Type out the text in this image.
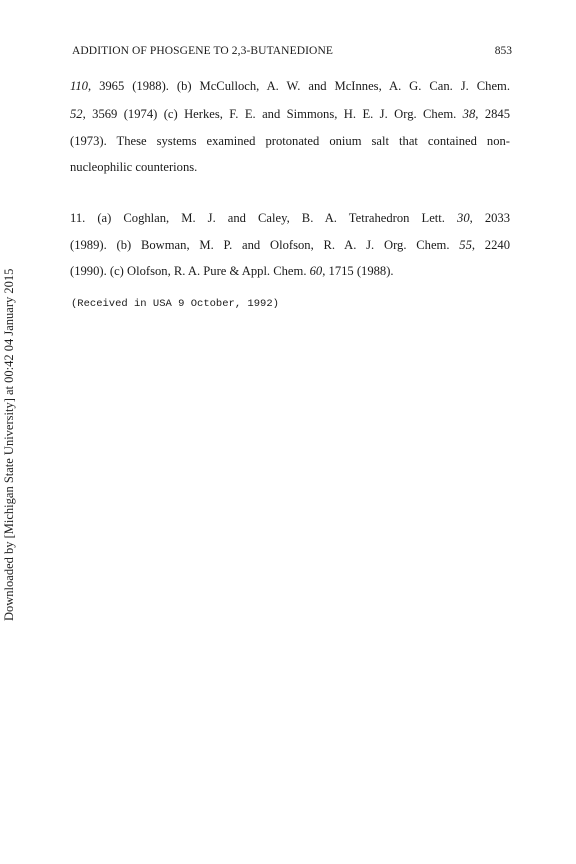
ADDITION OF PHOSGENE TO 2,3-BUTANEDIONE	853
110, 3965 (1988). (b) McCulloch, A. W. and McInnes, A. G. Can. J. Chem.
52, 3569 (1974) (c) Herkes, F. E. and Simmons, H. E. J. Org. Chem. 38, 2845
(1973). These systems examined protonated onium salt that contained non-
nucleophilic counterions.
11. (a) Coghlan, M. J. and Caley, B. A. Tetrahedron Lett. 30, 2033
(1989). (b) Bowman, M. P. and Olofson, R. A. J. Org. Chem. 55, 2240
(1990). (c) Olofson, R. A. Pure & Appl. Chem. 60, 1715 (1988).
(Received in USA 9 October, 1992)
Downloaded by [Michigan State University] at 00:42 04 January 2015
